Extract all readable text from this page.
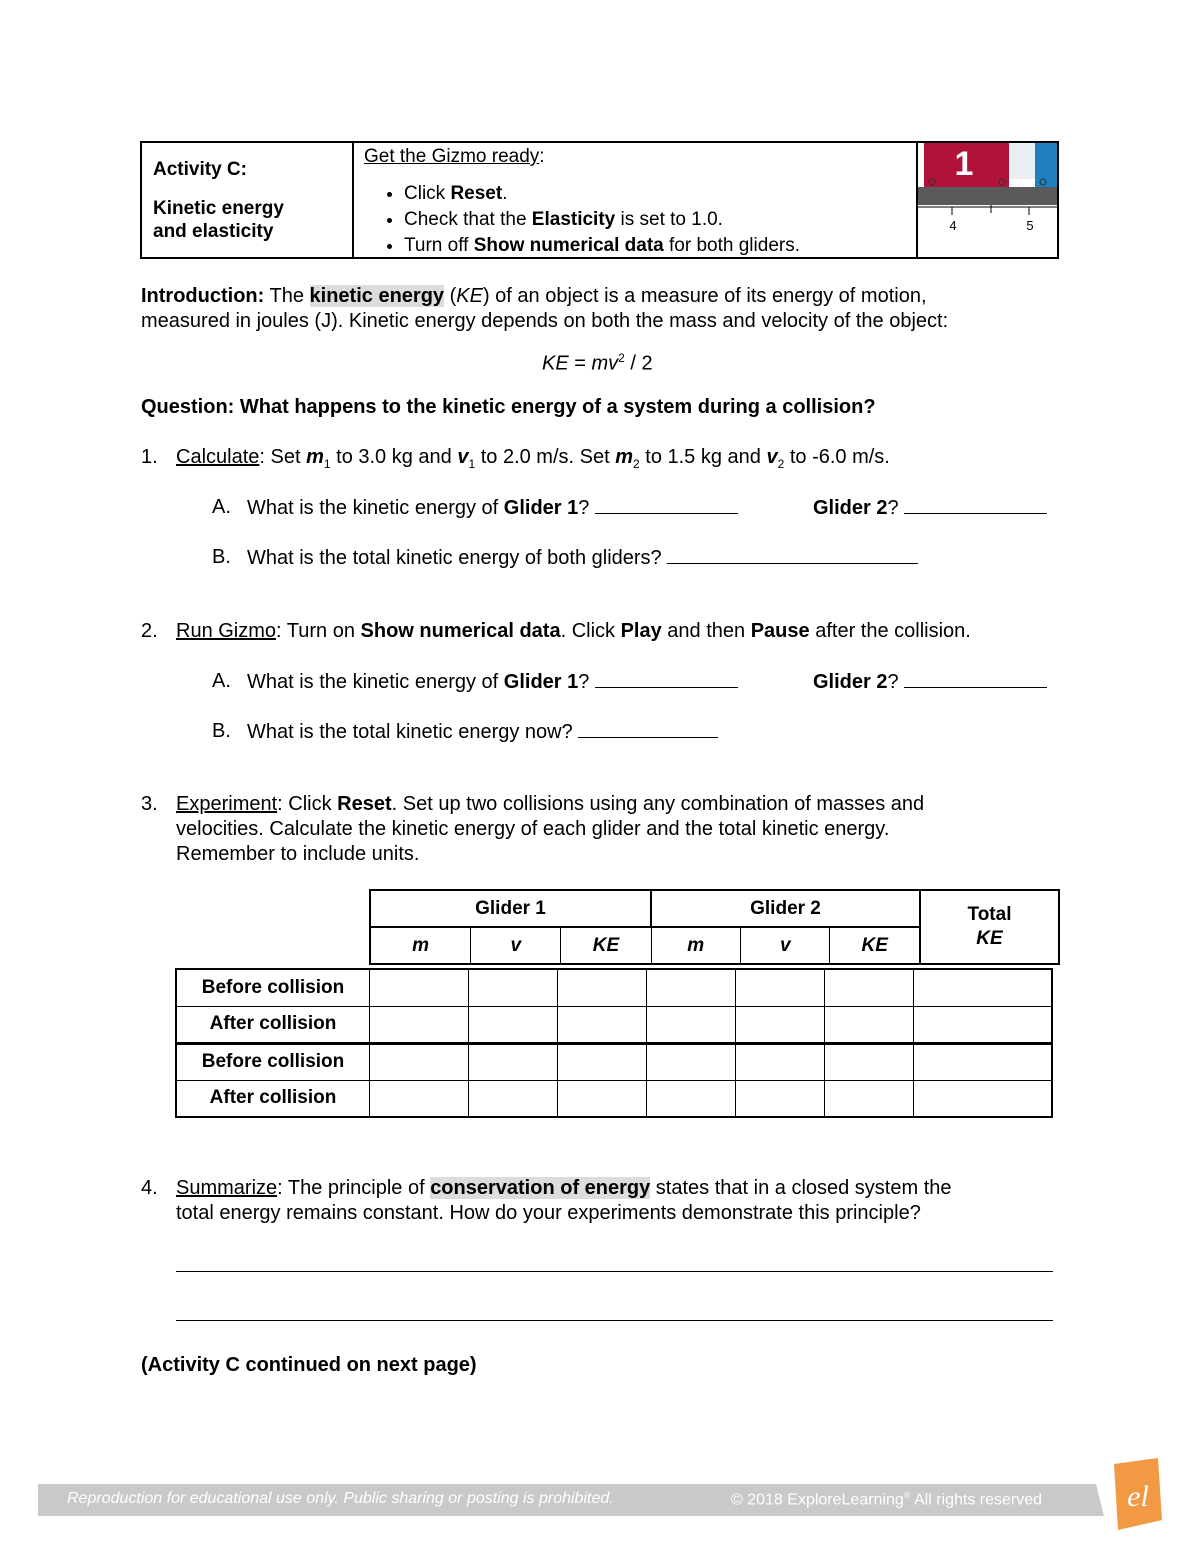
Activity C:
Kinetic energy
and elasticity
Get the Gizmo ready:
• Click Reset.
• Check that the Elasticity is set to 1.0.
• Turn off Show numerical data for both gliders.
1
4	5
Introduction: The kinetic energy (KE) of an object is a measure of its energy of motion,
measured in joules (J). Kinetic energy depends on both the mass and velocity of the object:
KE = $mv^2 / 2$
Question: What happens to the kinetic energy of a system during a collision?
1. Calculate: Set $m_1$ to 3.0 kg and $v_1$ to 2.0 m/s. Set $m_2$ to 1.5 kg and $v_2$ to -6.0 m/s.
A. What is the kinetic energy of Glider 1?	Glider 2?
B. What is the total kinetic energy of both gliders?
2. Run Gizmo: Turn on Show numerical data. Click Play and then Pause after the collision.
A. What is the kinetic energy of Glider 1?	Glider 2?
B. What is the total kinetic energy now?
3. Experiment: Click Reset. Set up two collisions using any combination of masses and
velocities. Calculate the kinetic energy of each glider and the total kinetic energy.
Remember to include units.
Glider 1			Glider 2			Total
KE
m	v	KE	m	v	KE	
Before collision							
After collision							
Before collision							
After collision							
4. Summarize: The principle of conservation of energy states that in a closed system the
total energy remains constant. How do your experiments demonstrate this principle?
(Activity C continued on next page)
Reproduction for educational use only. Public sharing or posting is prohibited.	© 2018 ExploreLearning® All rights reserved	el
